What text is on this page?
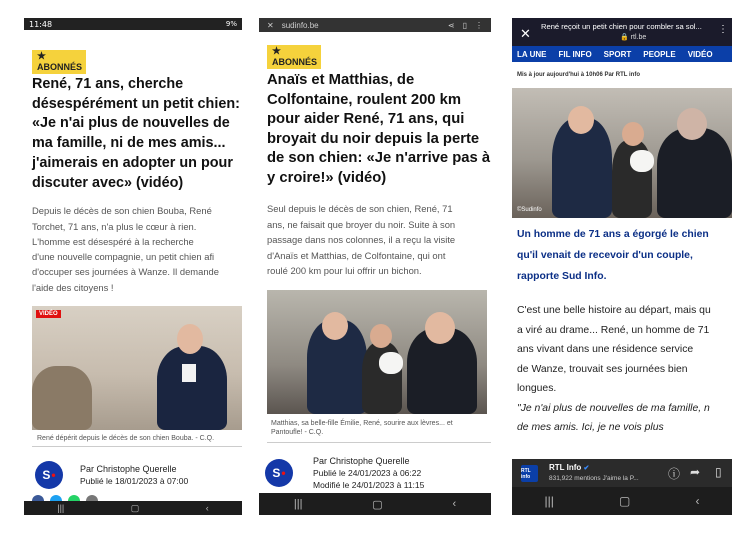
11:48	9%
★
ABONNÉS
René, 71 ans, cherche
désespérément un petit chien:
«Je n'ai plus de nouvelles de
ma famille, ni de mes amis...
j'aimerais en adopter un pour
discuter avec» (vidéo)
Depuis le décès de son chien Bouba, René
Torchet, 71 ans, n'a plus le cœur à rien.
L'homme est désespéré à la recherche
d'une nouvelle compagnie, un petit chien afi
d'occuper ses journées à Wanze. Il demande
l'aide des citoyens !
VIDÉO
René dépérit depuis le décès de son chien Bouba. - C.Q.
S •	Par Christophe Querelle
Publié le 18/01/2023 à 07:00
|||	▢	‹
✕ sudinfo.be	⋖ ▯ ⋮
★
ABONNÉS
Anaïs et Matthias, de
Colfontaine, roulent 200 km
pour aider René, 71 ans, qui
broyait du noir depuis la perte
de son chien: «Je n'arrive pas à
y croire!» (vidéo)
Seul depuis le décès de son chien, René, 71
ans, ne faisait que broyer du noir. Suite à son
passage dans nos colonnes, il a reçu la visite
d'Anaïs et Matthias, de Colfontaine, qui ont
roulé 200 km pour lui offrir un bichon.
Matthias, sa belle-fille Émilie, René, sourire aux lèvres... et
Pantoufle! - C.Q.
S •
Par Christophe Querelle
Publié le 24/01/2023 à 06:22
Modifié le 24/01/2023 à 11:15
|||	▢	‹
✕ René reçoit un petit chien pour combler sa sol...
🔒 rtl.be
⋮
LA UNE FIL INFO SPORT PEOPLE VIDÉO
Mis à jour aujourd'hui à 10h06 Par RTL info
©Sudinfo
Un homme de 71 ans a égorgé le chien
qu'il venait de recevoir d'un couple,
rapporte Sud Info.
C'est une belle histoire au départ, mais qu
a viré au drame... René, un homme de 71
ans vivant dans une résidence service
de Wanze, trouvait ses journées bien
longues.
"Je n'ai plus de nouvelles de ma famille, n
de mes amis. Ici, je ne vois plus
RTL info
RTL Info ✔
831,922 mentions J'aime la P... ⓘ ➦ ▯
|||	▢	‹
